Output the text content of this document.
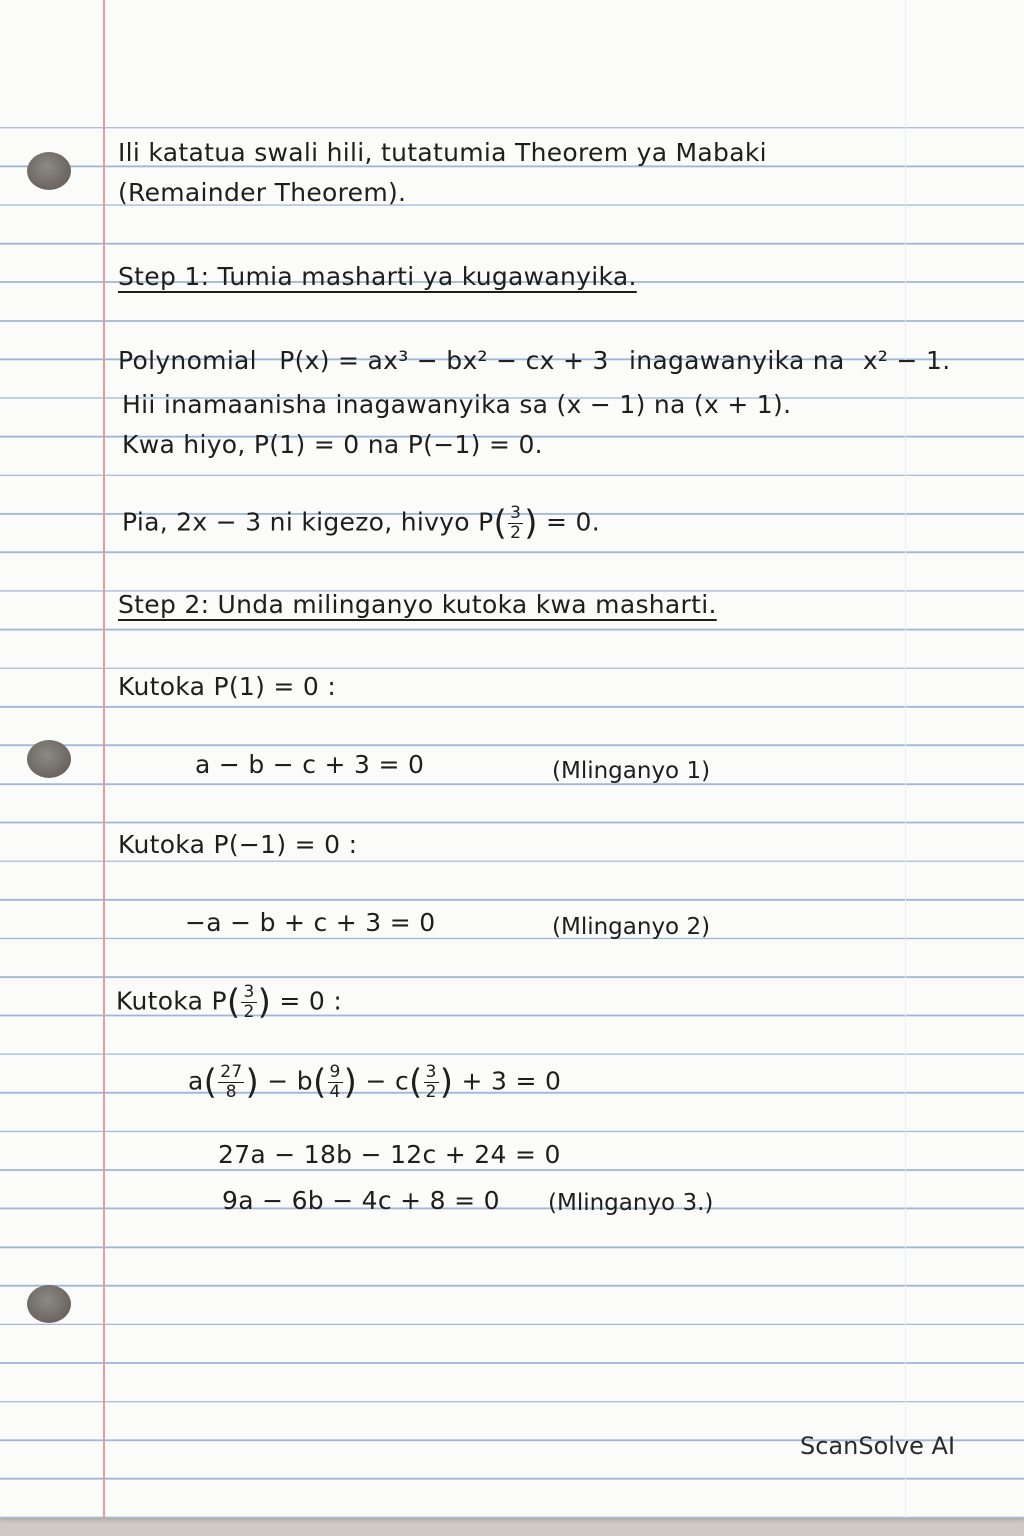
Ili katatua swali hili, tutatumia Theorem ya Mabaki
(Remainder Theorem).
Step 1: Tumia masharti ya kugawanyika.
Polynomial P(x) = ax³ − bx² − cx + 3 inagawanyika na x² − 1.
Hii inamaanisha inagawanyika sa (x − 1) na (x + 1).
Kwa hiyo, P(1) = 0 na P(−1) = 0.
Pia, 2x − 3 ni kigezo, hivyo $P( \frac{3}{2}$ ) = 0.
Step 2: Unda milinganyo kutoka kwa masharti.
Kutoka P(1) = 0 :
a − b − c + 3 = 0	(Mlinganyo 1)
Kutoka P(−1) = 0 :
−a − b + c + 3 = 0	(Mlinganyo 2)
Kutoka $P( \frac{3}{2}$ ) = 0 :
$a( \frac{27}{8}$ ) − $b( \frac{9}{4}$ ) − $c( \frac{3}{2}$ ) + 3 = 0
27a − 18b − 12c + 24 = 0
9a − 6b − 4c + 8 = 0 (Mlinganyo 3.)
ScanSolve AI
